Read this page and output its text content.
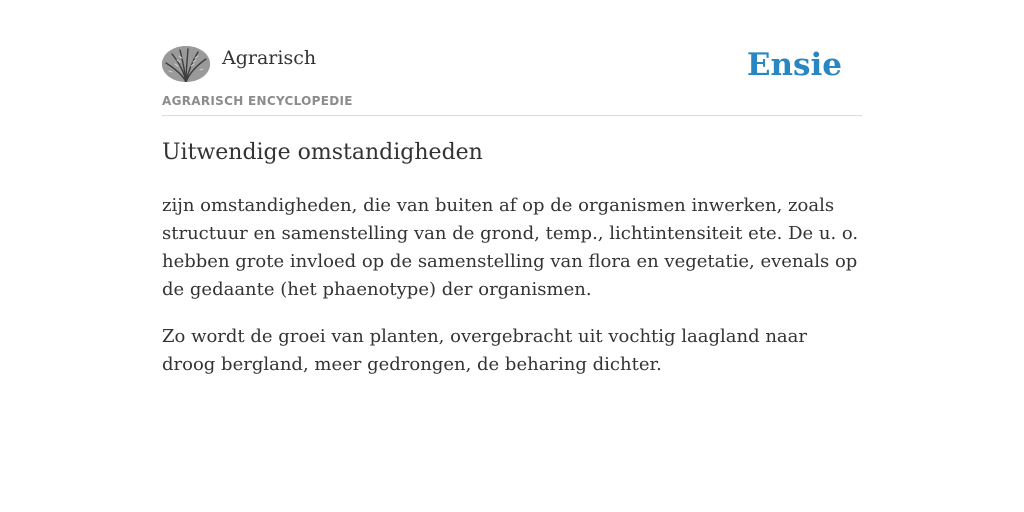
Agrarisch
AGRARISCH ENCYCLOPEDIE
Ensie
Uitwendige omstandigheden

zijn omstandigheden, die van buiten af op de organismen inwerken, zoals structuur en samenstelling van de grond, temp., lichtintensiteit ete. De u. o. hebben grote invloed op de samenstelling van flora en vegetatie, evenals op de gedaante (het phaenotype) der organismen.

Zo wordt de groei van planten, overgebracht uit vochtig laagland naar droog bergland, meer gedrongen, de beharing dichter.
